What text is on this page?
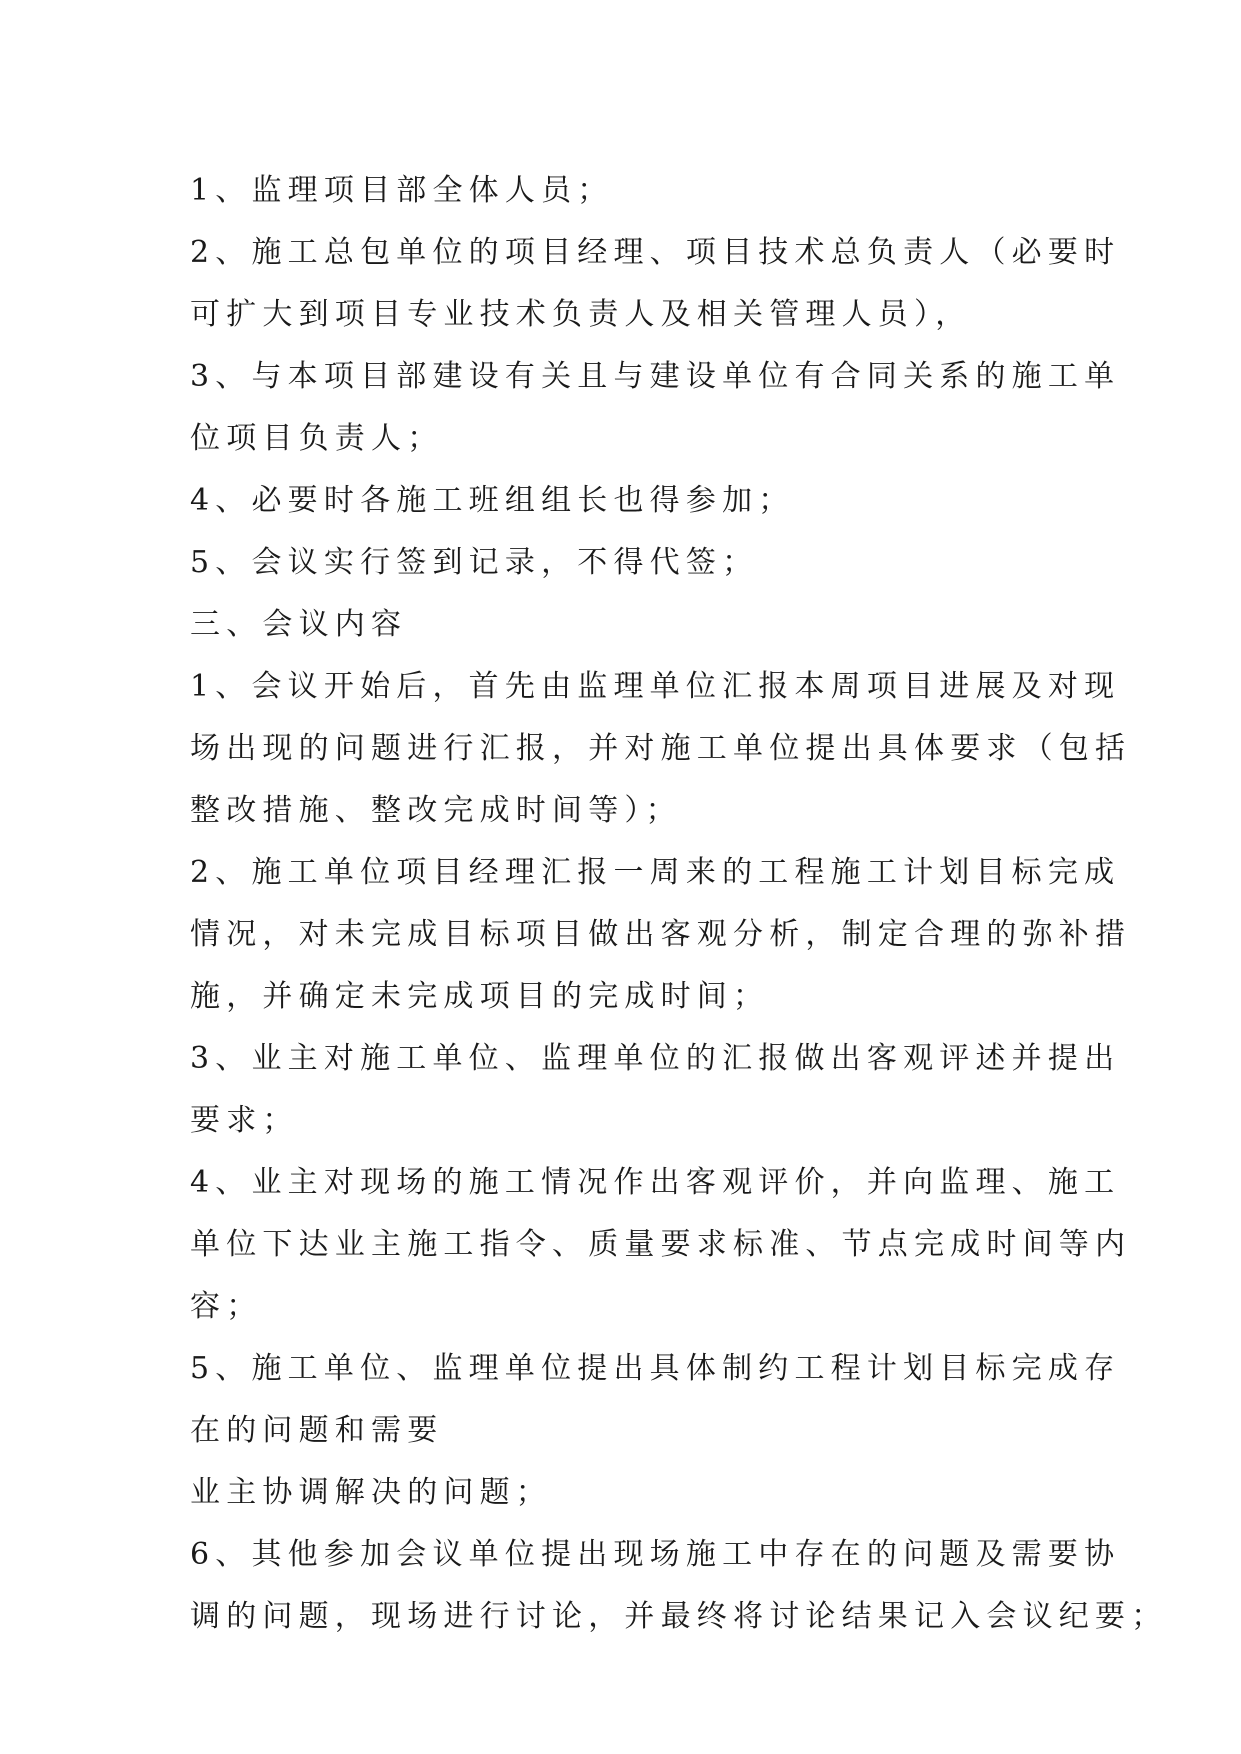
1、监理项目部全体人员；
2、施工总包单位的项目经理、项目技术总负责人（必要时
可扩大到项目专业技术负责人及相关管理人员），
3、与本项目部建设有关且与建设单位有合同关系的施工单
位项目负责人；
4、必要时各施工班组组长也得参加；
5、会议实行签到记录，不得代签；
三、会议内容
1、会议开始后，首先由监理单位汇报本周项目进展及对现
场出现的问题进行汇报，并对施工单位提出具体要求（包括
整改措施、整改完成时间等）；
2、施工单位项目经理汇报一周来的工程施工计划目标完成
情况，对未完成目标项目做出客观分析，制定合理的弥补措
施，并确定未完成项目的完成时间；
3、业主对施工单位、监理单位的汇报做出客观评述并提出
要求；
4、业主对现场的施工情况作出客观评价，并向监理、施工
单位下达业主施工指令、质量要求标准、节点完成时间等内
容；
5、施工单位、监理单位提出具体制约工程计划目标完成存
在的问题和需要
业主协调解决的问题；
6、其他参加会议单位提出现场施工中存在的问题及需要协
调的问题，现场进行讨论，并最终将讨论结果记入会议纪要；
